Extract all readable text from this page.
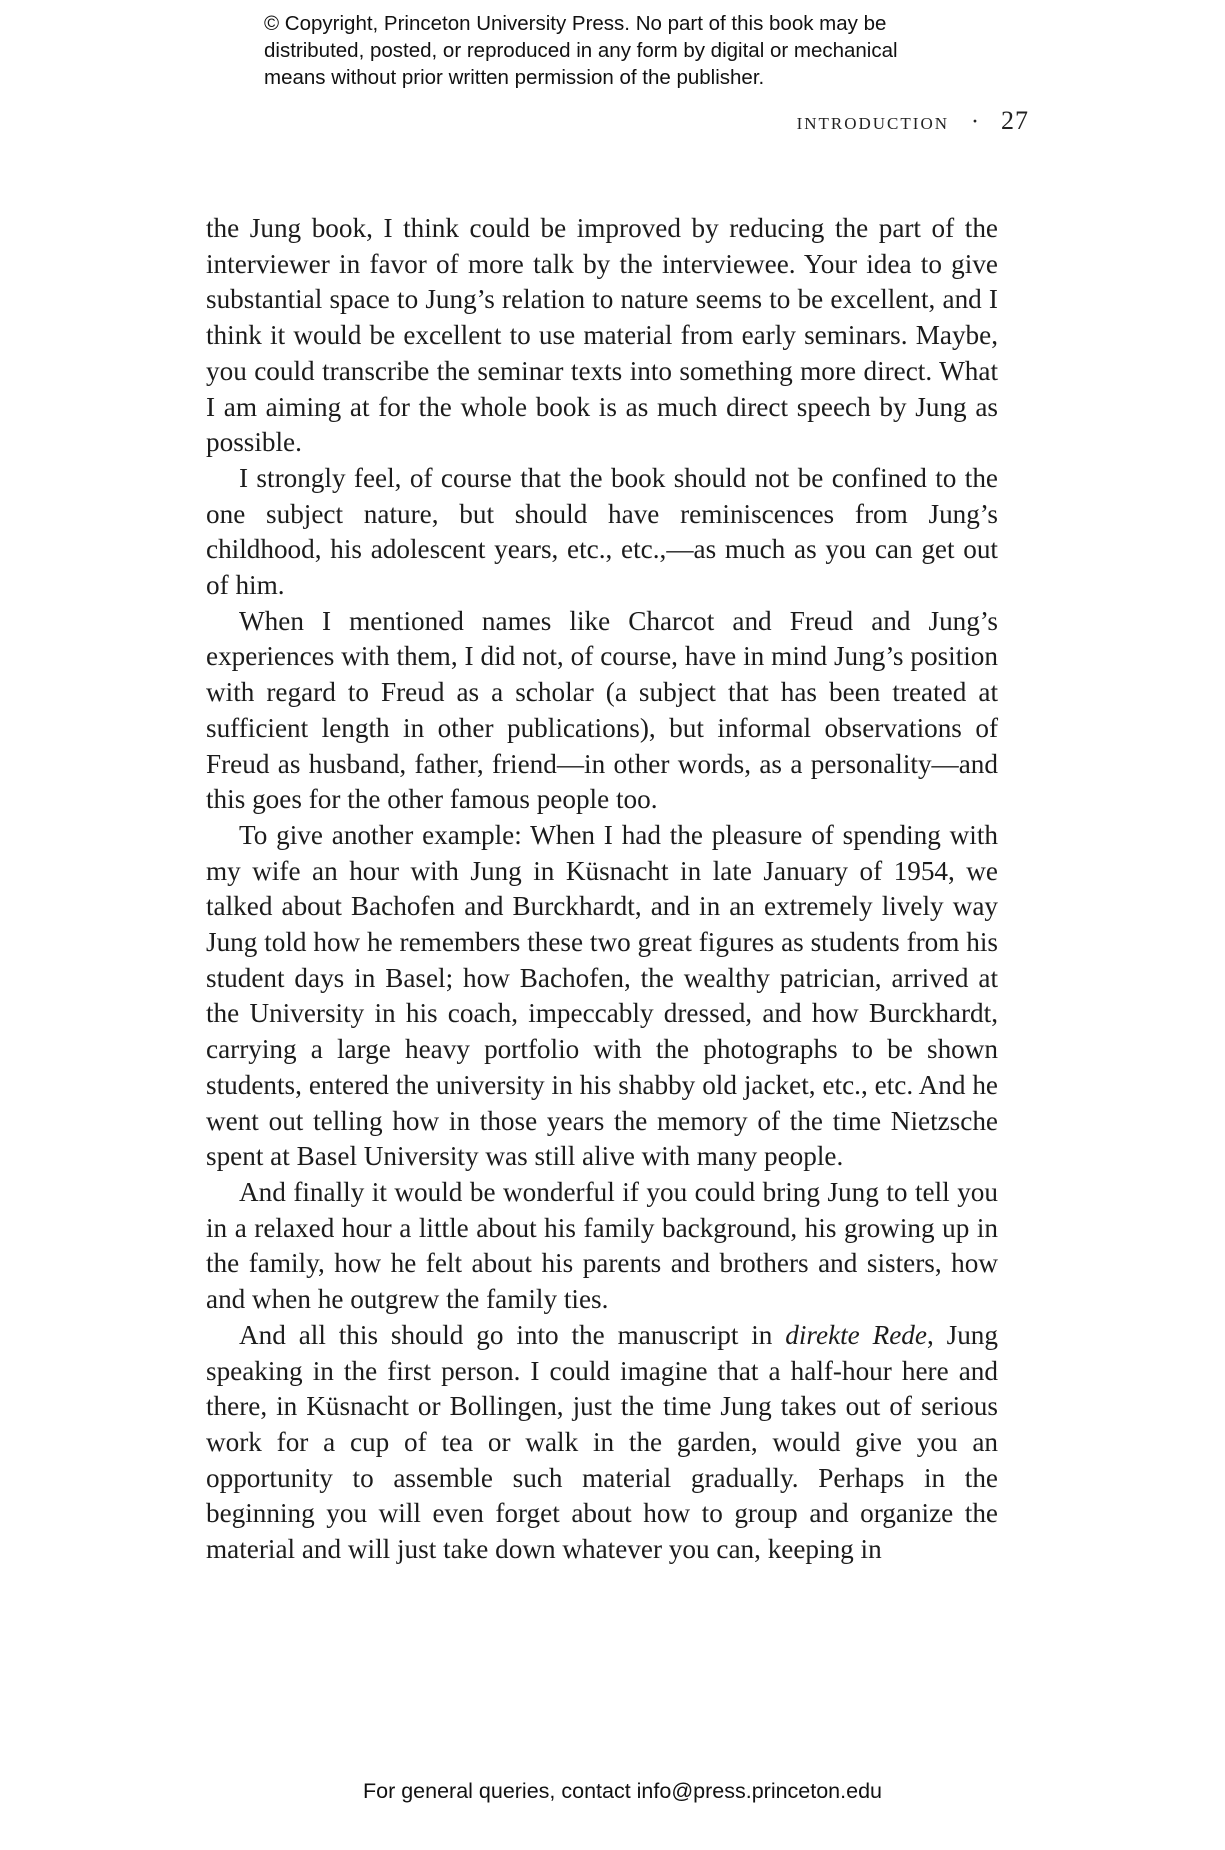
© Copyright, Princeton University Press. No part of this book may be
distributed, posted, or reproduced in any form by digital or mechanical
means without prior written permission of the publisher.
introduction · 27

the Jung book, I think could be improved by reducing the part of the interviewer in favor of more talk by the interviewee. Your idea to give substantial space to Jung’s relation to nature seems to be excellent, and I think it would be excellent to use material from early seminars. Maybe, you could transcribe the seminar texts into something more direct. What I am aiming at for the whole book is as much direct speech by Jung as possible.

I strongly feel, of course that the book should not be confined to the one subject nature, but should have reminiscences from Jung’s childhood, his adolescent years, etc., etc.,—as much as you can get out of him.

When I mentioned names like Charcot and Freud and Jung’s experiences with them, I did not, of course, have in mind Jung’s position with regard to Freud as a scholar (a subject that has been treated at sufficient length in other publications), but informal observations of Freud as husband, father, friend—in other words, as a personality—and this goes for the other famous people too.

To give another example: When I had the pleasure of spending with my wife an hour with Jung in Küsnacht in late January of 1954, we talked about Bachofen and Burckhardt, and in an extremely lively way Jung told how he remembers these two great figures as students from his student days in Basel; how Bachofen, the wealthy patrician, arrived at the University in his coach, impeccably dressed, and how Burckhardt, carrying a large heavy portfolio with the photographs to be shown students, entered the university in his shabby old jacket, etc., etc. And he went out telling how in those years the memory of the time Nietzsche spent at Basel University was still alive with many people.

And finally it would be wonderful if you could bring Jung to tell you in a relaxed hour a little about his family background, his growing up in the family, how he felt about his parents and brothers and sisters, how and when he outgrew the family ties.

And all this should go into the manuscript in direkte Rede, Jung speaking in the first person. I could imagine that a half-hour here and there, in Küsnacht or Bollingen, just the time Jung takes out of serious work for a cup of tea or walk in the garden, would give you an opportunity to assemble such material gradually. Perhaps in the beginning you will even forget about how to group and organize the material and will just take down whatever you can, keeping in

For general queries, contact info@press.princeton.edu
